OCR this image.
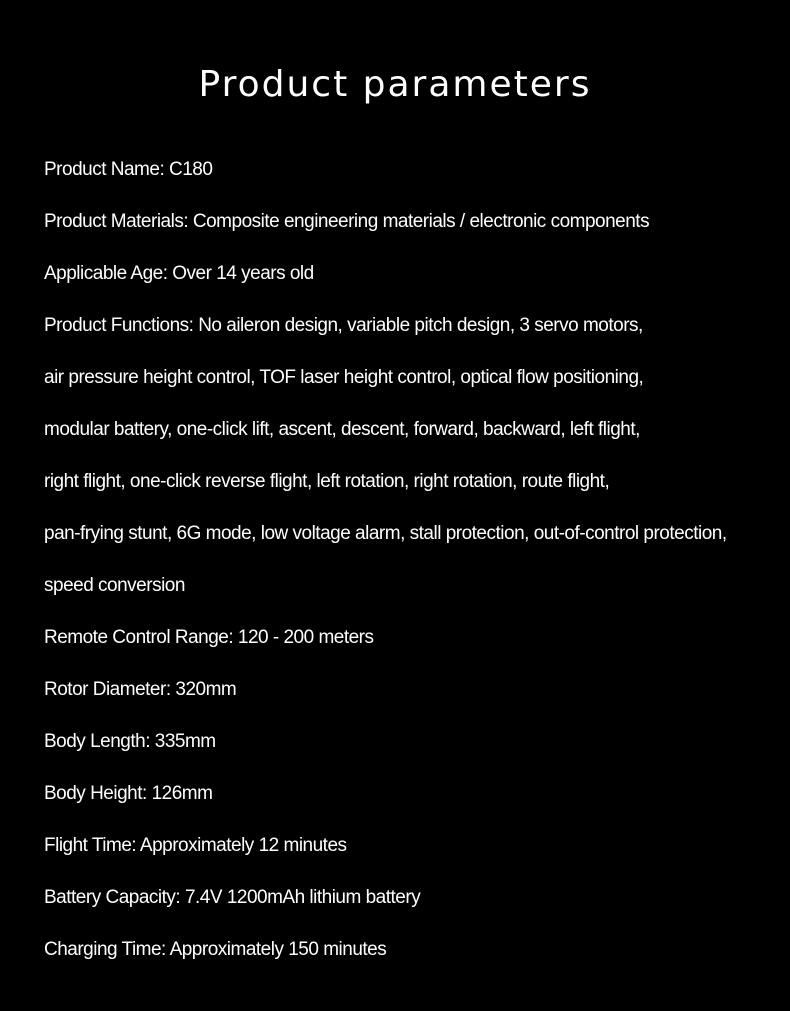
Product parameters
Product Name: C180
Product Materials: Composite engineering materials / electronic components
Applicable Age: Over 14 years old
Product Functions: No aileron design, variable pitch design, 3 servo motors,
air pressure height control, TOF laser height control, optical flow positioning,
modular battery, one-click lift, ascent, descent, forward, backward, left flight,
right flight, one-click reverse flight, left rotation, right rotation, route flight,
pan-frying stunt, 6G mode, low voltage alarm, stall protection, out-of-control protection,
speed conversion
Remote Control Range: 120 - 200 meters
Rotor Diameter: 320mm
Body Length: 335mm
Body Height: 126mm
Flight Time: Approximately 12 minutes
Battery Capacity: 7.4V 1200mAh lithium battery
Charging Time: Approximately 150 minutes
